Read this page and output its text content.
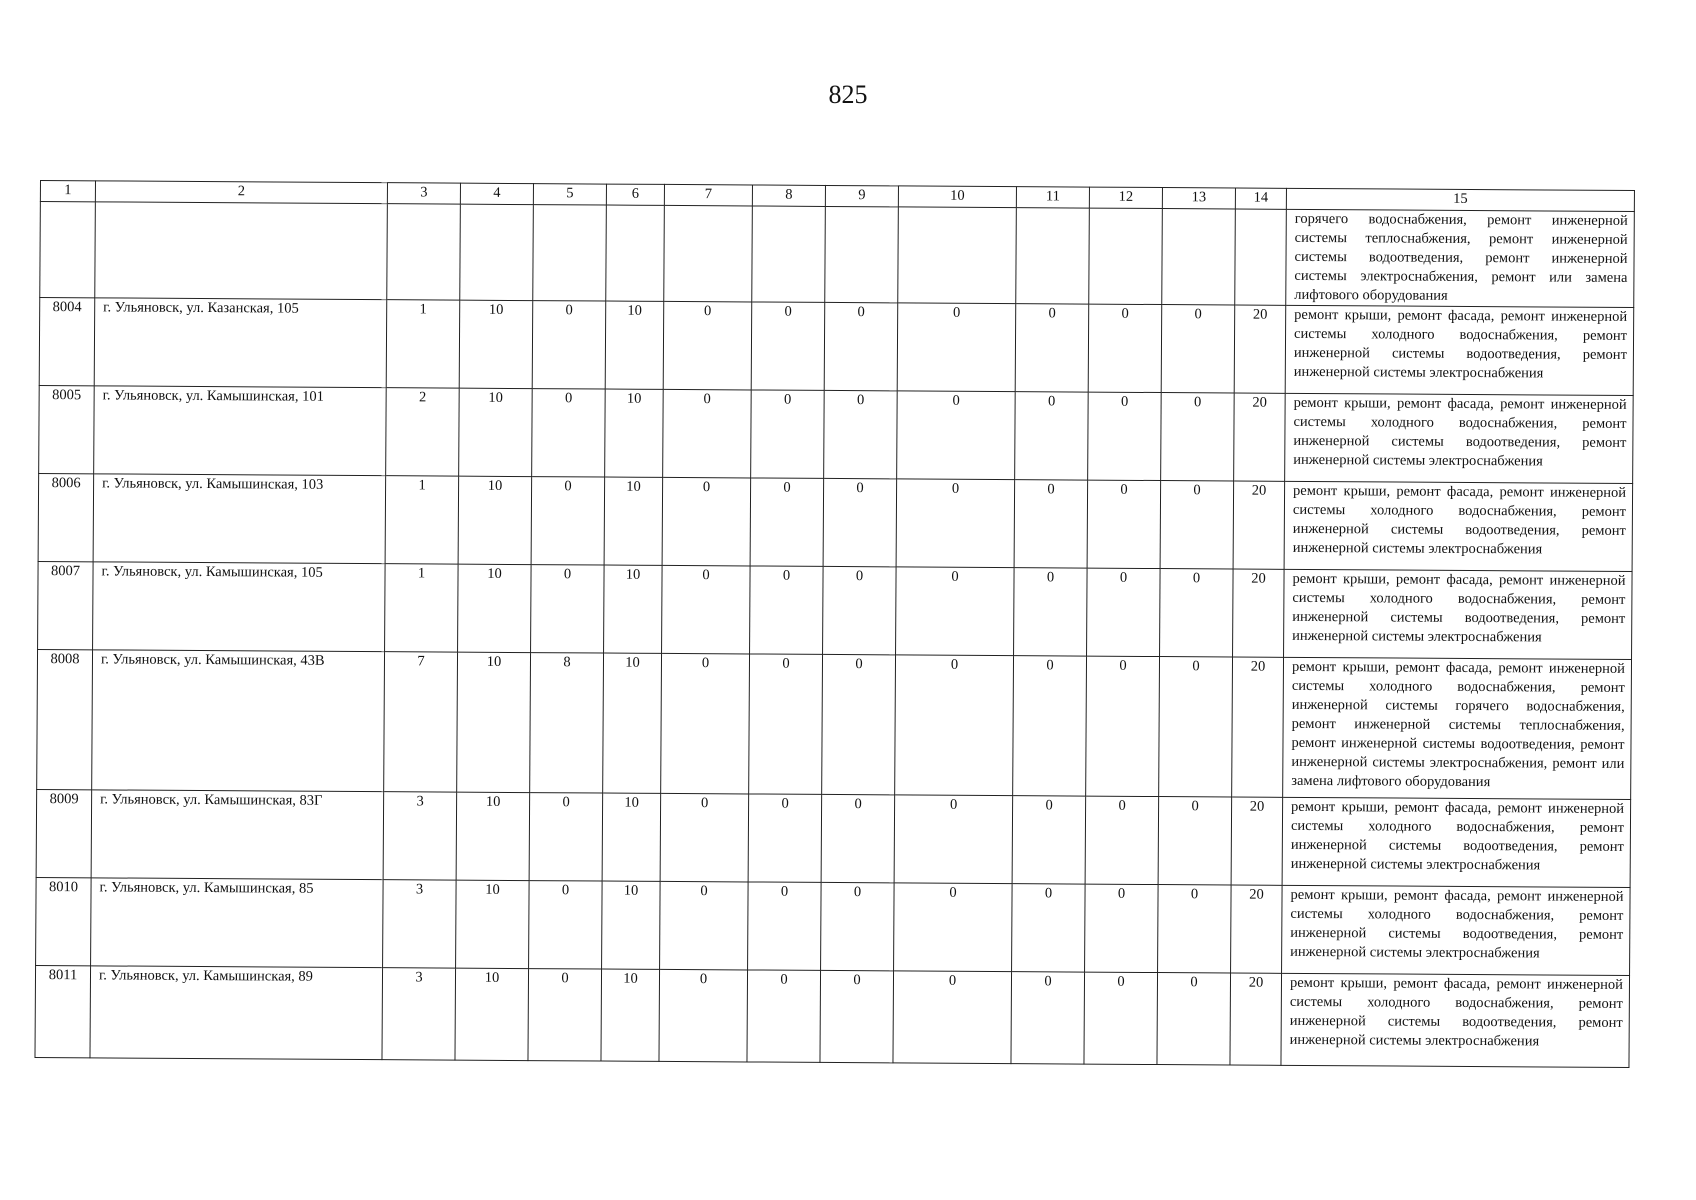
825
1	2	3	4	5	6	7	8	9	10	11	12	13	14	15
														горячего водоснабжения, ремонт инженерной системы теплоснабжения, ремонт инженерной системы водоотведения, ремонт инженерной системы электроснабжения, ремонт или замена лифтового оборудования
8004	г. Ульяновск, ул. Казанская, 105	1	10	0	10	0	0	0	0	0	0	0	20	ремонт крыши, ремонт фасада, ремонт инженерной системы холодного водоснабжения, ремонт инженерной системы водоотведения, ремонт инженерной системы электроснабжения
8005	г. Ульяновск, ул. Камышинская, 101	2	10	0	10	0	0	0	0	0	0	0	20	ремонт крыши, ремонт фасада, ремонт инженерной системы холодного водоснабжения, ремонт инженерной системы водоотведения, ремонт инженерной системы электроснабжения
8006	г. Ульяновск, ул. Камышинская, 103	1	10	0	10	0	0	0	0	0	0	0	20	ремонт крыши, ремонт фасада, ремонт инженерной системы холодного водоснабжения, ремонт инженерной системы водоотведения, ремонт инженерной системы электроснабжения
8007	г. Ульяновск, ул. Камышинская, 105	1	10	0	10	0	0	0	0	0	0	0	20	ремонт крыши, ремонт фасада, ремонт инженерной системы холодного водоснабжения, ремонт инженерной системы водоотведения, ремонт инженерной системы электроснабжения
8008	г. Ульяновск, ул. Камышинская, 43В	7	10	8	10	0	0	0	0	0	0	0	20	ремонт крыши, ремонт фасада, ремонт инженерной системы холодного водоснабжения, ремонт инженерной системы горячего водоснабжения, ремонт инженерной системы теплоснабжения, ремонт инженерной системы водоотведения, ремонт инженерной системы электроснабжения, ремонт или замена лифтового оборудования
8009	г. Ульяновск, ул. Камышинская, 83Г	3	10	0	10	0	0	0	0	0	0	0	20	ремонт крыши, ремонт фасада, ремонт инженерной системы холодного водоснабжения, ремонт инженерной системы водоотведения, ремонт инженерной системы электроснабжения
8010	г. Ульяновск, ул. Камышинская, 85	3	10	0	10	0	0	0	0	0	0	0	20	ремонт крыши, ремонт фасада, ремонт инженерной системы холодного водоснабжения, ремонт инженерной системы водоотведения, ремонт инженерной системы электроснабжения
8011	г. Ульяновск, ул. Камышинская, 89	3	10	0	10	0	0	0	0	0	0	0	20	ремонт крыши, ремонт фасада, ремонт инженерной системы холодного водоснабжения, ремонт инженерной системы водоотведения, ремонт инженерной системы электроснабжения
